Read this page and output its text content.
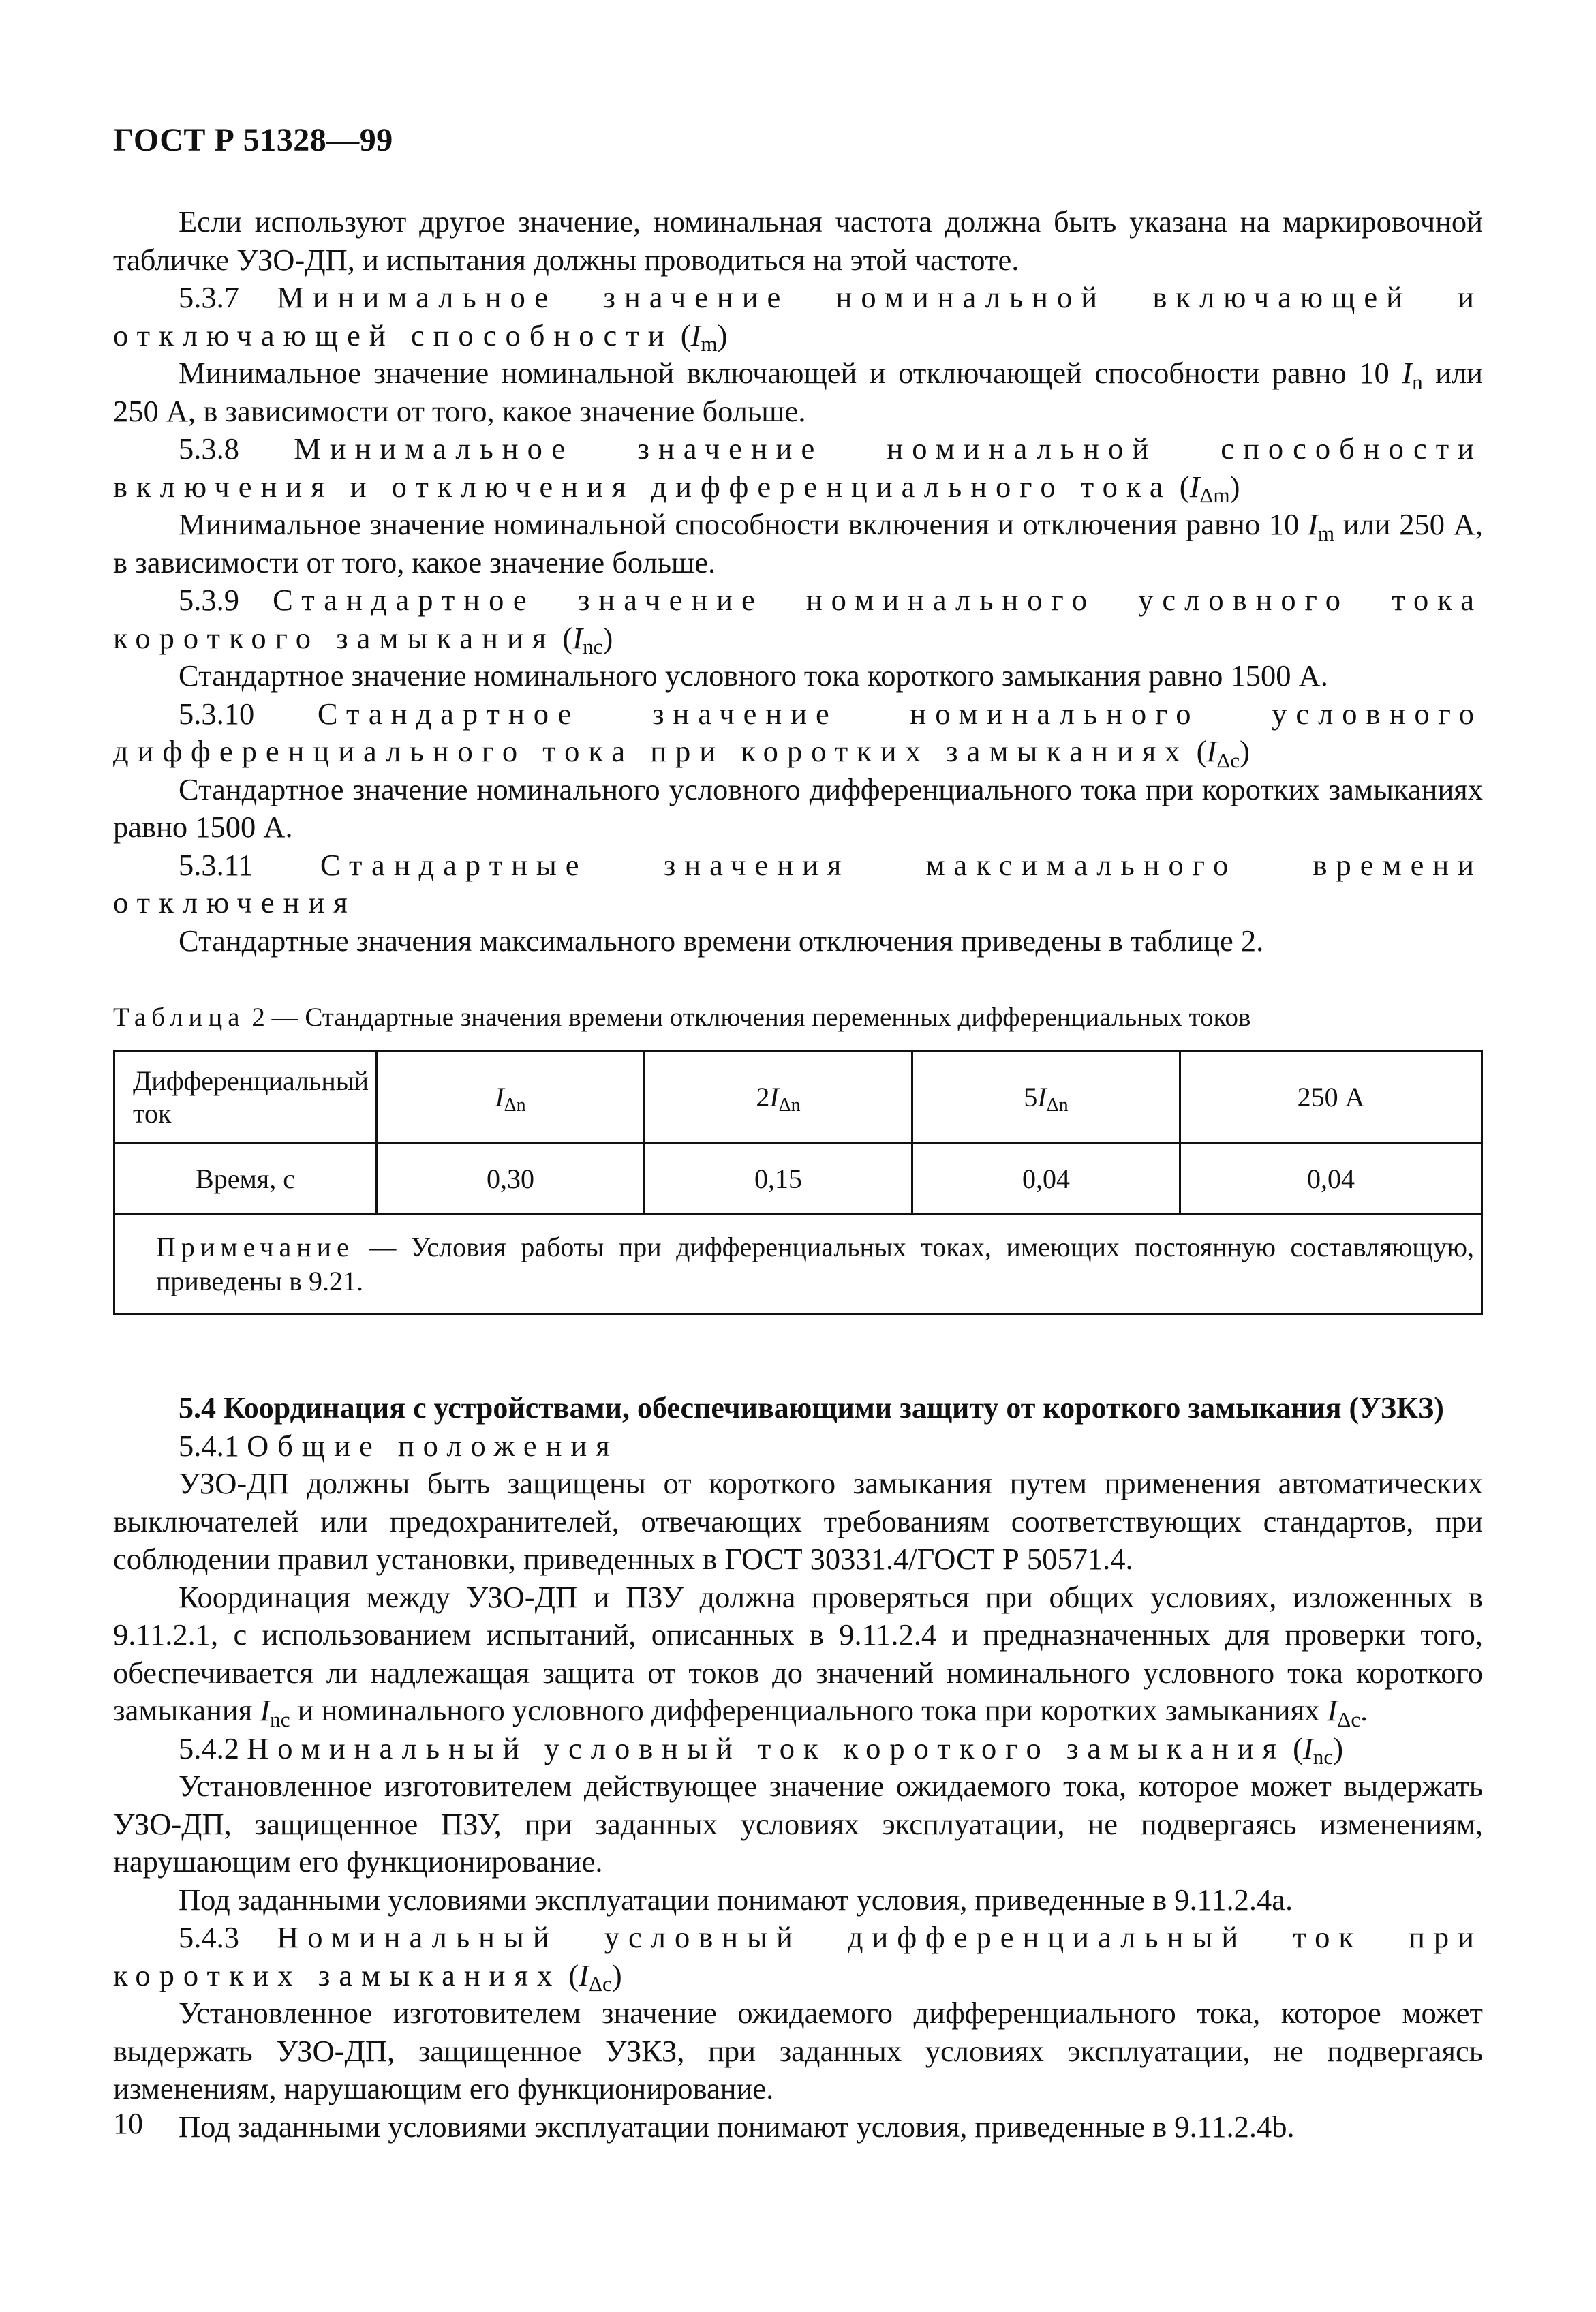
ГОСТ Р 51328—99

Если используют другое значение, номинальная частота должна быть указана на маркировочной табличке УЗО-ДП, и испытания должны проводиться на этой частоте.

5.3.7 Минимальное значение номинальной включающей и отключающей способности $(I_m)$

Минимальное значение номинальной включающей и отключающей способности равно 10 $I_n$ или 250 А, в зависимости от того, какое значение больше.

5.3.8 Минимальное значение номинальной способности включения и отключения дифференциального тока $(I_{\Delta m})$

Минимальное значение номинальной способности включения и отключения равно 10 $I_m$ или 250 А, в зависимости от того, какое значение больше.

5.3.9 Стандартное значение номинального условного тока короткого замыкания $(I_{nc})$

Стандартное значение номинального условного тока короткого замыкания равно 1500 А.

5.3.10 Стандартное значение номинального условного дифференциального тока при коротких замыканиях $(I_{\Delta c})$

Стандартное значение номинального условного дифференциального тока при коротких замыканиях равно 1500 А.

5.3.11 Стандартные значения максимального времени отключения

Стандартные значения максимального времени отключения приведены в таблице 2.

Таблица 2 — Стандартные значения времени отключения переменных дифференциальных токов
Дифференциальный ток	$I_{\Delta n}$	$2I_{\Delta n}$	$5I_{\Delta n}$	250 А
Время, с	0,30	0,15	0,04	0,04
Примечание — Условия работы при дифференциальных токах, имеющих постоянную составляющую, приведены в 9.21.				

5.4 Координация с устройствами, обеспечивающими защиту от короткого замыкания (УЗКЗ)

5.4.1 Общие положения

УЗО-ДП должны быть защищены от короткого замыкания путем применения автоматических выключателей или предохранителей, отвечающих требованиям соответствующих стандартов, при соблюдении правил установки, приведенных в ГОСТ 30331.4/ГОСТ Р 50571.4.

Координация между УЗО-ДП и ПЗУ должна проверяться при общих условиях, изложенных в 9.11.2.1, с использованием испытаний, описанных в 9.11.2.4 и предназначенных для проверки того, обеспечивается ли надлежащая защита от токов до значений номинального условного тока короткого замыкания $I_{nc}$ и номинального условного дифференциального тока при коротких замыканиях $I_{\Delta c}$.

5.4.2 Номинальный условный ток короткого замыкания $(I_{nc})$

Установленное изготовителем действующее значение ожидаемого тока, которое может выдержать УЗО-ДП, защищенное ПЗУ, при заданных условиях эксплуатации, не подвергаясь изменениям, нарушающим его функционирование.

Под заданными условиями эксплуатации понимают условия, приведенные в 9.11.2.4а.

5.4.3 Номинальный условный дифференциальный ток при коротких замыканиях $(I_{\Delta c})$

Установленное изготовителем значение ожидаемого дифференциального тока, которое может выдержать УЗО-ДП, защищенное УЗКЗ, при заданных условиях эксплуатации, не подвергаясь изменениям, нарушающим его функционирование.

Под заданными условиями эксплуатации понимают условия, приведенные в 9.11.2.4b.

10
